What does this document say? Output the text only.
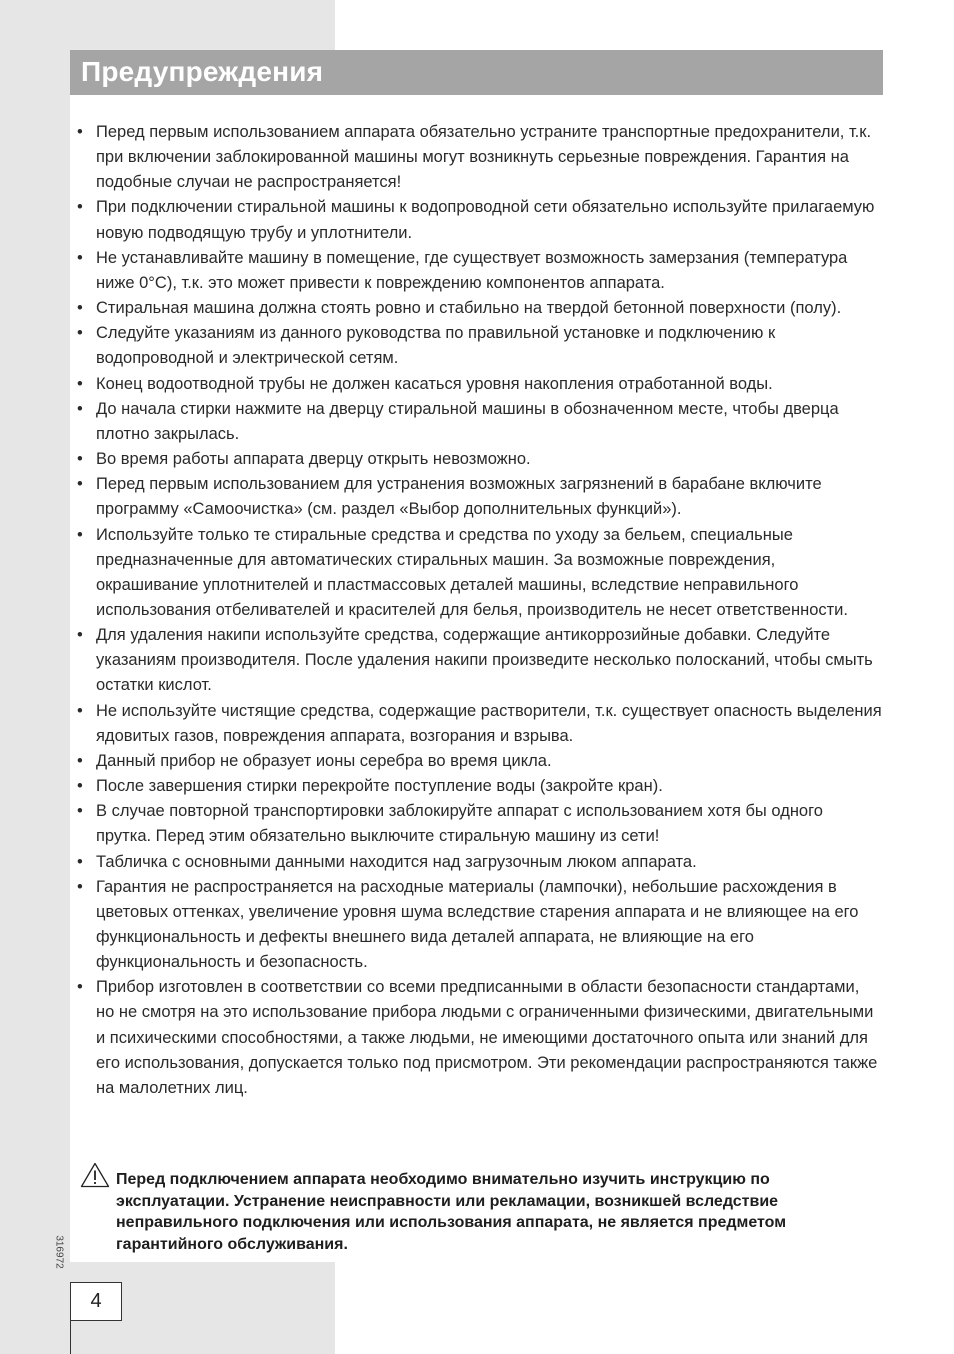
Предупреждения
• Перед первым использованием аппарата обязательно устраните транспортные предохранители, т.к. при включении заблокированной машины могут возникнуть серьезные повреждения. Гарантия на подобные случаи не распространяется!
• При подключении стиральной машины к водопроводной сети обязательно используйте прилагаемую новую подводящую трубу и уплотнители.
• Не устанавливайте машину в помещение, где существует возможность замерзания (температура ниже 0°C), т.к. это может привести к повреждению компонентов аппарата.
• Стиральная машина должна стоять ровно и стабильно на твердой бетонной поверхности (полу).
• Следуйте указаниям из данного руководства по правильной установке и подключению к водопроводной и электрической сетям.
• Конец водоотводной трубы не должен касаться уровня накопления отработанной воды.
• До начала стирки нажмите на дверцу стиральной машины в обозначенном месте, чтобы дверца плотно закрылась.
• Во время работы аппарата дверцу открыть невозможно.
• Перед первым использованием для устранения возможных загрязнений в барабане включите программу «Самоочистка» (см. раздел «Выбор дополнительных функций»).
• Используйте только те стиральные средства и средства по уходу за бельем, специальные предназначенные для автоматических стиральных машин. За возможные повреждения, окрашивание уплотнителей и пластмассовых деталей машины, вследствие неправильного использования отбеливателей и красителей для белья, производитель не несет ответственности.
• Для удаления накипи используйте средства, содержащие антикоррозийные добавки. Следуйте указаниям производителя. После удаления накипи произведите несколько полосканий, чтобы смыть остатки кислот.
• Не используйте чистящие средства, содержащие растворители, т.к. существует опасность выделения ядовитых газов, повреждения аппарата, возгорания и взрыва.
• Данный прибор не образует ионы серебра во время цикла.
• После завершения стирки перекройте поступление воды (закройте кран).
• В случае повторной транспортировки заблокируйте аппарат с использованием хотя бы одного прутка. Перед этим обязательно выключите стиральную машину из сети!
• Табличка с основными данными находится над загрузочным люком аппарата.
• Гарантия не распространяется на расходные материалы (лампочки), небольшие расхождения в цветовых оттенках, увеличение уровня шума вследствие старения аппарата и не влияющее на его функциональность и дефекты внешнего вида деталей аппарата, не влияющие на его функциональность и безопасность.
• Прибор изготовлен в соответствии со всеми предписанными в области безопасности стандартами, но не смотря на это использование прибора людьми с ограниченными физическими, двигательными и психическими способностями, а также людьми, не имеющими достаточного опыта или знаний для его использования, допускается только под присмотром. Эти рекомендации распространяются также на малолетних лиц.
Перед подключением аппарата необходимо внимательно изучить инструкцию по эксплуатации. Устранение неисправности или рекламации, возникшей вследствие неправильного подключения или использования аппарата, не является предметом гарантийного обслуживания.
316972
4
